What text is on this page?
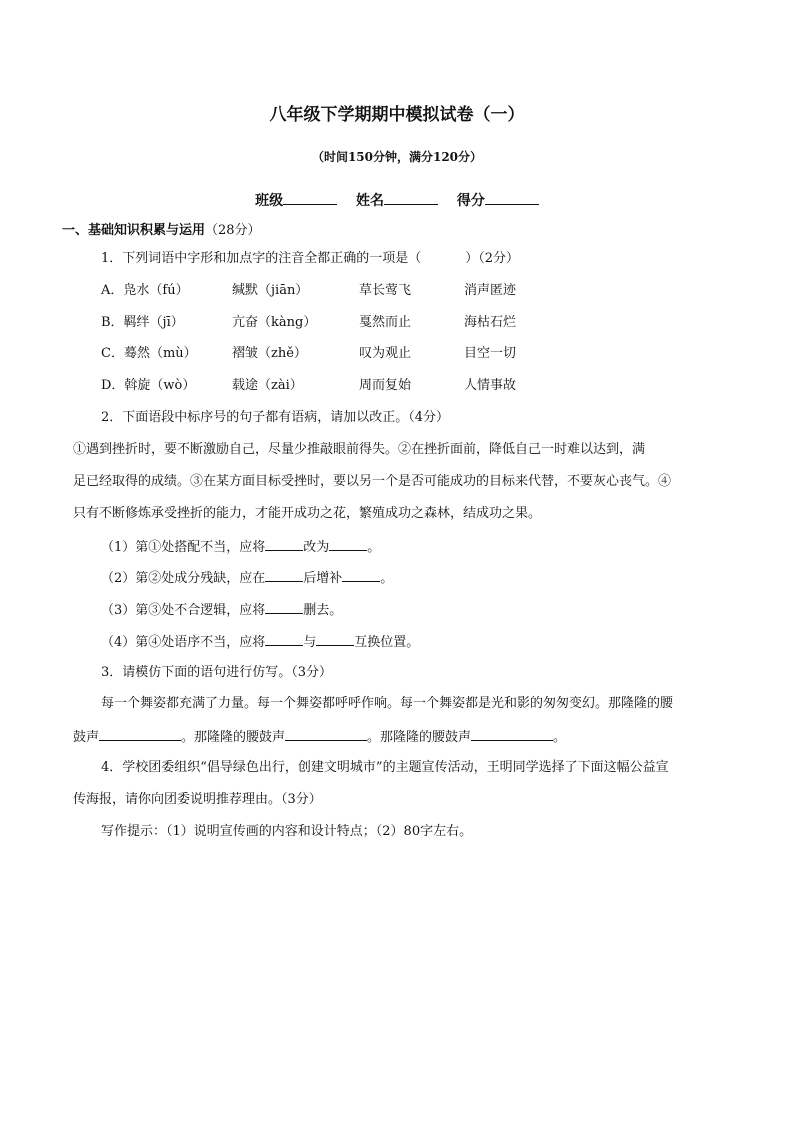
八年级下学期期中模拟试卷（一）
（时间150分钟，满分120分）
班级	姓名	得分
一、基础知识积累与运用（28分）
1．下列词语中字形和加点字的注音全都正确的一项是（	）（2分）
A．凫水（fú）	缄默（jiān）	草长莺飞	消声匿迹
B．羁绊（jī）	亢奋（kàng）	戛然而止	海枯石烂
C．蓦然（mù）	褶皱（zhě）	叹为观止	目空一切
D．斡旋（wò）	载途（zài）	周而复始	人情事故
2．下面语段中标序号的句子都有语病，请加以改正。（4分）
①遇到挫折时，要不断激励自己，尽量少推敲眼前得失。②在挫折面前，降低自己一时难以达到，满
足已经取得的成绩。③在某方面目标受挫时，要以另一个是否可能成功的目标来代替，不要灰心丧气。④
只有不断修炼承受挫折的能力，才能开成功之花，繁殖成功之森林，结成功之果。
（1）第①处搭配不当，应将	改为	。
（2）第②处成分残缺，应在	后增补	。
（3）第③处不合逻辑，应将	删去。
（4）第④处语序不当，应将	与	互换位置。
3．请模仿下面的语句进行仿写。（3分）
每一个舞姿都充满了力量。每一个舞姿都呼呼作响。每一个舞姿都是光和影的匆匆变幻。那隆隆的腰
鼓声	。那隆隆的腰鼓声	。那隆隆的腰鼓声	。
4．学校团委组织“倡导绿色出行，创建文明城市”的主题宣传活动，王明同学选择了下面这幅公益宣
传海报，请你向团委说明推荐理由。（3分）
写作提示：（1）说明宣传画的内容和设计特点；（2）80字左右。
